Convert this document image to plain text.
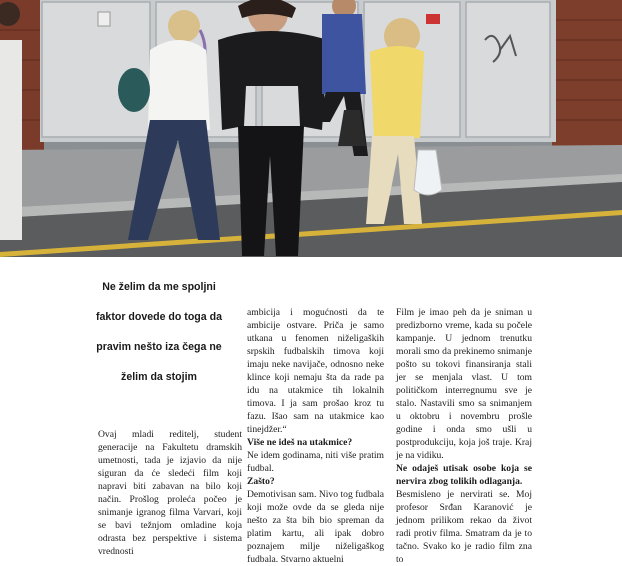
Ne želim da me spoljni
faktor dovede do toga da
pravim nešto iza čega ne
želim da stojim

Ovaj mladi reditelj, student generacije na Fakultetu dramskih umetnosti, tada je izjavio da nije siguran da će sledeći film koji napravi biti zabavan na bilo koji način. Prošlog proleća počeo je snimanje igranog filma Varvari, koji se bavi težnjom omladine koja odrasta bez perspektive i sistema vrednosti

ambicija i mogućnosti da te ambicije ostvare. Priča je samo utkana u fenomen niželigaških srpskih fudbalskih timova koji imaju neke navijače, odnosno neke klince koji nemaju šta da rade pa idu na utakmice tih lokalnih timova. I ja sam prošao kroz tu fazu. Išao sam na utakmice kao tinejdžer.“

Više ne ideš na utakmice?

Ne idem godinama, niti više pratim fudbal.

Zašto?

Demotivisan sam. Nivo tog fudbala koji može ovde da se gleda nije nešto za šta bih bio spreman da platim kartu, ali ipak dobro poznajem milje niželigaškog fudbala. Stvarno aktuelni

Film je imao peh da je sniman u predizborno vreme, kada su počele kampanje. U jednom trenutku morali smo da prekinemo snimanje pošto su tokovi finansiranja stali jer se menjala vlast. U tom političkom interregnumu sve je stalo. Nastavili smo sa snimanjem u oktobru i novembru prošle godine i onda smo ušli u postprodukciju, koja još traje. Kraj je na vidiku.

Ne odaješ utisak osobe koja se nervira zbog tolikih odlaganja.

Besmisleno je nervirati se. Moj profesor Srđan Karanović je jednom prilikom rekao da život radi protiv filma. Smatram da je to tačno. Svako ko je radio film zna to
